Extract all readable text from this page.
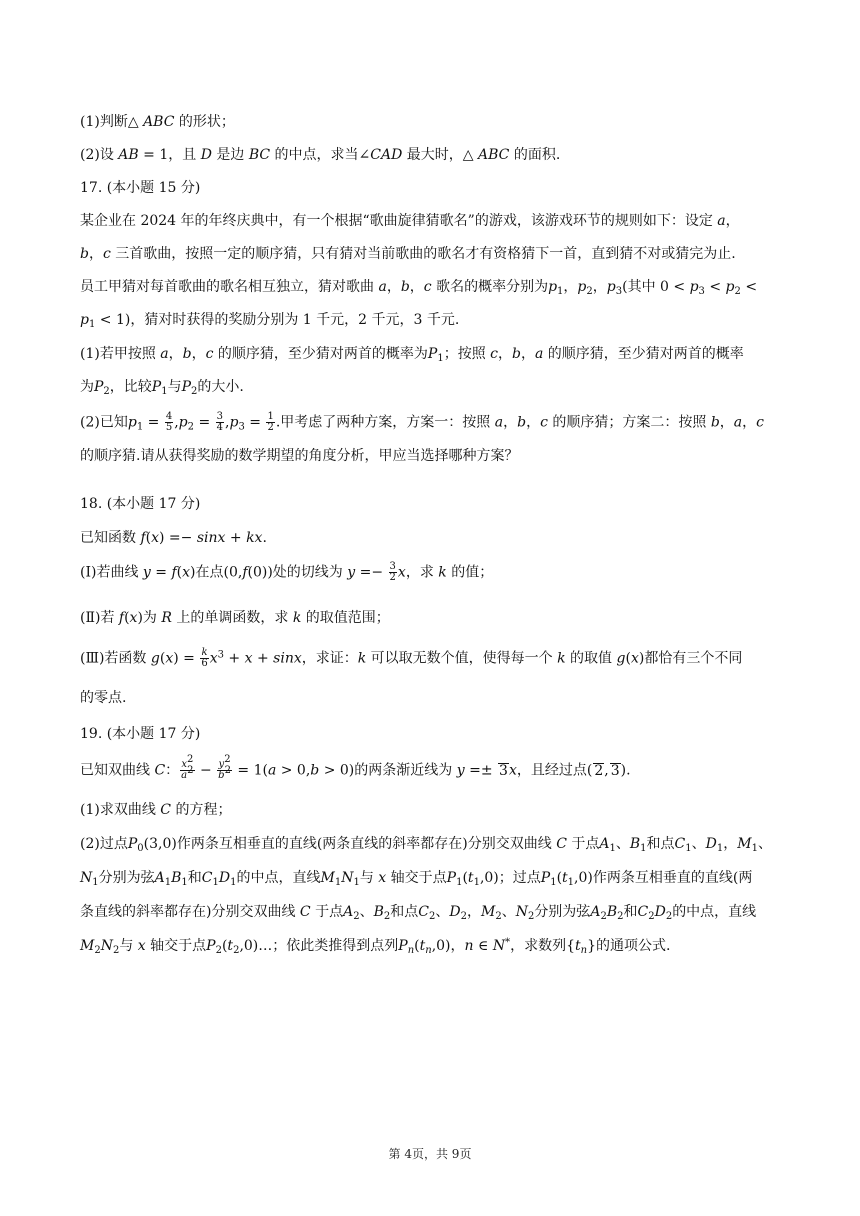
(1)判断△ ABC 的形状；
(2)设 AB = 1，且 D 是边 BC 的中点，求当∠CAD 最大时，△ ABC 的面积.
17. (本小题 15 分)
某企业在 2024 年的年终庆典中，有一个根据“歌曲旋律猜歌名”的游戏，该游戏环节的规则如下：设定 a，
b，c 三首歌曲，按照一定的顺序猜，只有猜对当前歌曲的歌名才有资格猜下一首，直到猜不对或猜完为止.
员工甲猜对每首歌曲的歌名相互独立，猜对歌曲 a，b，c 歌名的概率分别为$p_1$，$p_2$，$p_3$(其中 $0 < p_3 < p_2$ <
$p_1 < 1$)，猜对时获得的奖励分别为 1 千元，2 千元，3 千元.
(1)若甲按照 a，b，c 的顺序猜，至少猜对两首的概率为$P_1$；按照 c，b，a 的顺序猜，至少猜对两首的概率
为$P_2$，比较$P_1$与$P_2$的大小.
(2)已知$p_1 = \frac{4}{5} ,p_2 = \frac{3}{4} ,p_3 = \frac{1}{2}$ .甲考虑了两种方案，方案一：按照 a，b，c 的顺序猜；方案二：按照 b，a，c
的顺序猜.请从获得奖励的数学期望的角度分析，甲应当选择哪种方案？
18. (本小题 17 分)
已知函数 f(x) =− sinx + kx.
(Ⅰ)若曲线 y = f(x)在点(0,f(0))处的切线为 $y =- \frac{3}{2}$ x，求 k 的值；
(Ⅱ)若 f(x)为 R 上的单调函数，求 k 的取值范围；
(Ⅲ)若函数 $g(x) = \frac{k}{6} x^3 + x + \sin x$，求证：k 可以取无数个值，使得每一个 k 的取值 g(x)都恰有三个不同
的零点.
19. (本小题 17 分)
已知双曲线 C： $\frac{x^2}{a^2} - \frac{y^2}{b^2} = 1(a > 0,b > 0)$的两条渐近线为 y =± 3x，且经过点( 2, 3).
(1)求双曲线 C 的方程；
(2)过点$P_0(3,0)$作两条互相垂直的直线(两条直线的斜率都存在)分别交双曲线 C 于点$A_1$、$B_1$和点$C_1$、$D_1$，$M_1$、
$N_1$分别为弦$A_1B_1$和$C_1D_1$的中点，直线$M_1N_1$与 x 轴交于点$P_1(t_1,0)$；过点$P_1(t_1,0)$作两条互相垂直的直线(两
条直线的斜率都存在)分别交双曲线 C 于点$A_2$、$B_2$和点$C_2$、$D_2$，$M_2$、$N_2$分别为弦$A_2B_2$和$C_2D_2$的中点，直线
$M_2N_2$与 x 轴交于点$P_2(t_2,0)\dots$；依此类推得到点列$P_n(t_n,0)$，n ∈ N*，求数列$\{t_n\}$的通项公式.
第 4页，共 9页
